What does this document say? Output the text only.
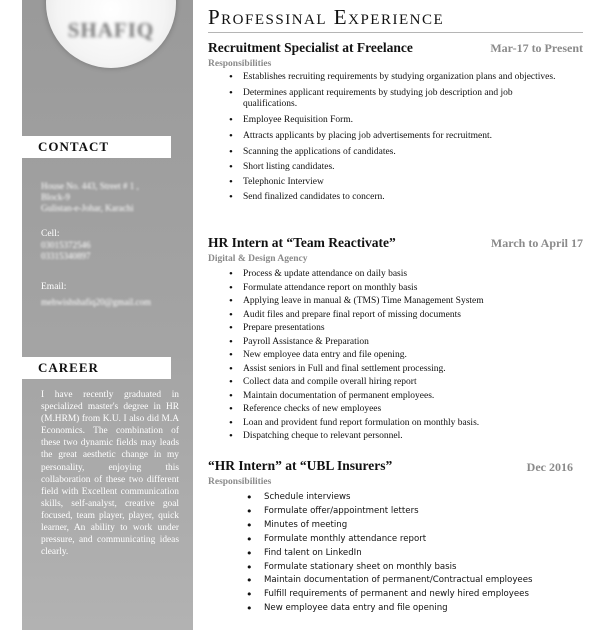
SHAFIQ
CONTACT
House No. 443, Street # 1 ,
Block-9
Gulistan-e-Johar, Karachi
Cell:
03015372546
03315340897
Email:
mehwishshafiq20@gmail.com
CAREER
I have recently graduated in specialized master's degree in HR (M.HRM) from K.U. I also did M.A Economics. The combination of these two dynamic fields may leads the great aesthetic change in my personality, enjoying this collaboration of these two different field with Excellent communication skills, self-analyst, creative goal focused, team player, player, quick learner, An ability to work under pressure, and communicating ideas clearly.
Professinal Experience
Recruitment Specialist at Freelance	Mar-17 to Present
Responsibilities
• Establishes recruiting requirements by studying organization plans and objectives.
• Determines applicant requirements by studying job description and job qualifications.
• Employee Requisition Form.
• Attracts applicants by placing job advertisements for recruitment.
• Scanning the applications of candidates.
• Short listing candidates.
• Telephonic Interview
• Send finalized candidates to concern.
HR Intern at “Team Reactivate”	March to April 17
Digital & Design Agency
• Process & update attendance on daily basis
• Formulate attendance report on monthly basis
• Applying leave in manual & (TMS) Time Management System
• Audit files and prepare final report of missing documents
• Prepare presentations
• Payroll Assistance & Preparation
• New employee data entry and file opening.
• Assist seniors in Full and final settlement processing.
• Collect data and compile overall hiring report
• Maintain documentation of permanent employees.
• Reference checks of new employees
• Loan and provident fund report formulation on monthly basis.
• Dispatching cheque to relevant personnel.
“HR Intern” at “UBL Insurers”	Dec 2016
Responsibilities
• Schedule interviews
• Formulate offer/appointment letters
• Minutes of meeting
• Formulate monthly attendance report
• Find talent on LinkedIn
• Formulate stationary sheet on monthly basis
• Maintain documentation of permanent/Contractual employees
• Fulfill requirements of permanent and newly hired employees
• New employee data entry and file opening
